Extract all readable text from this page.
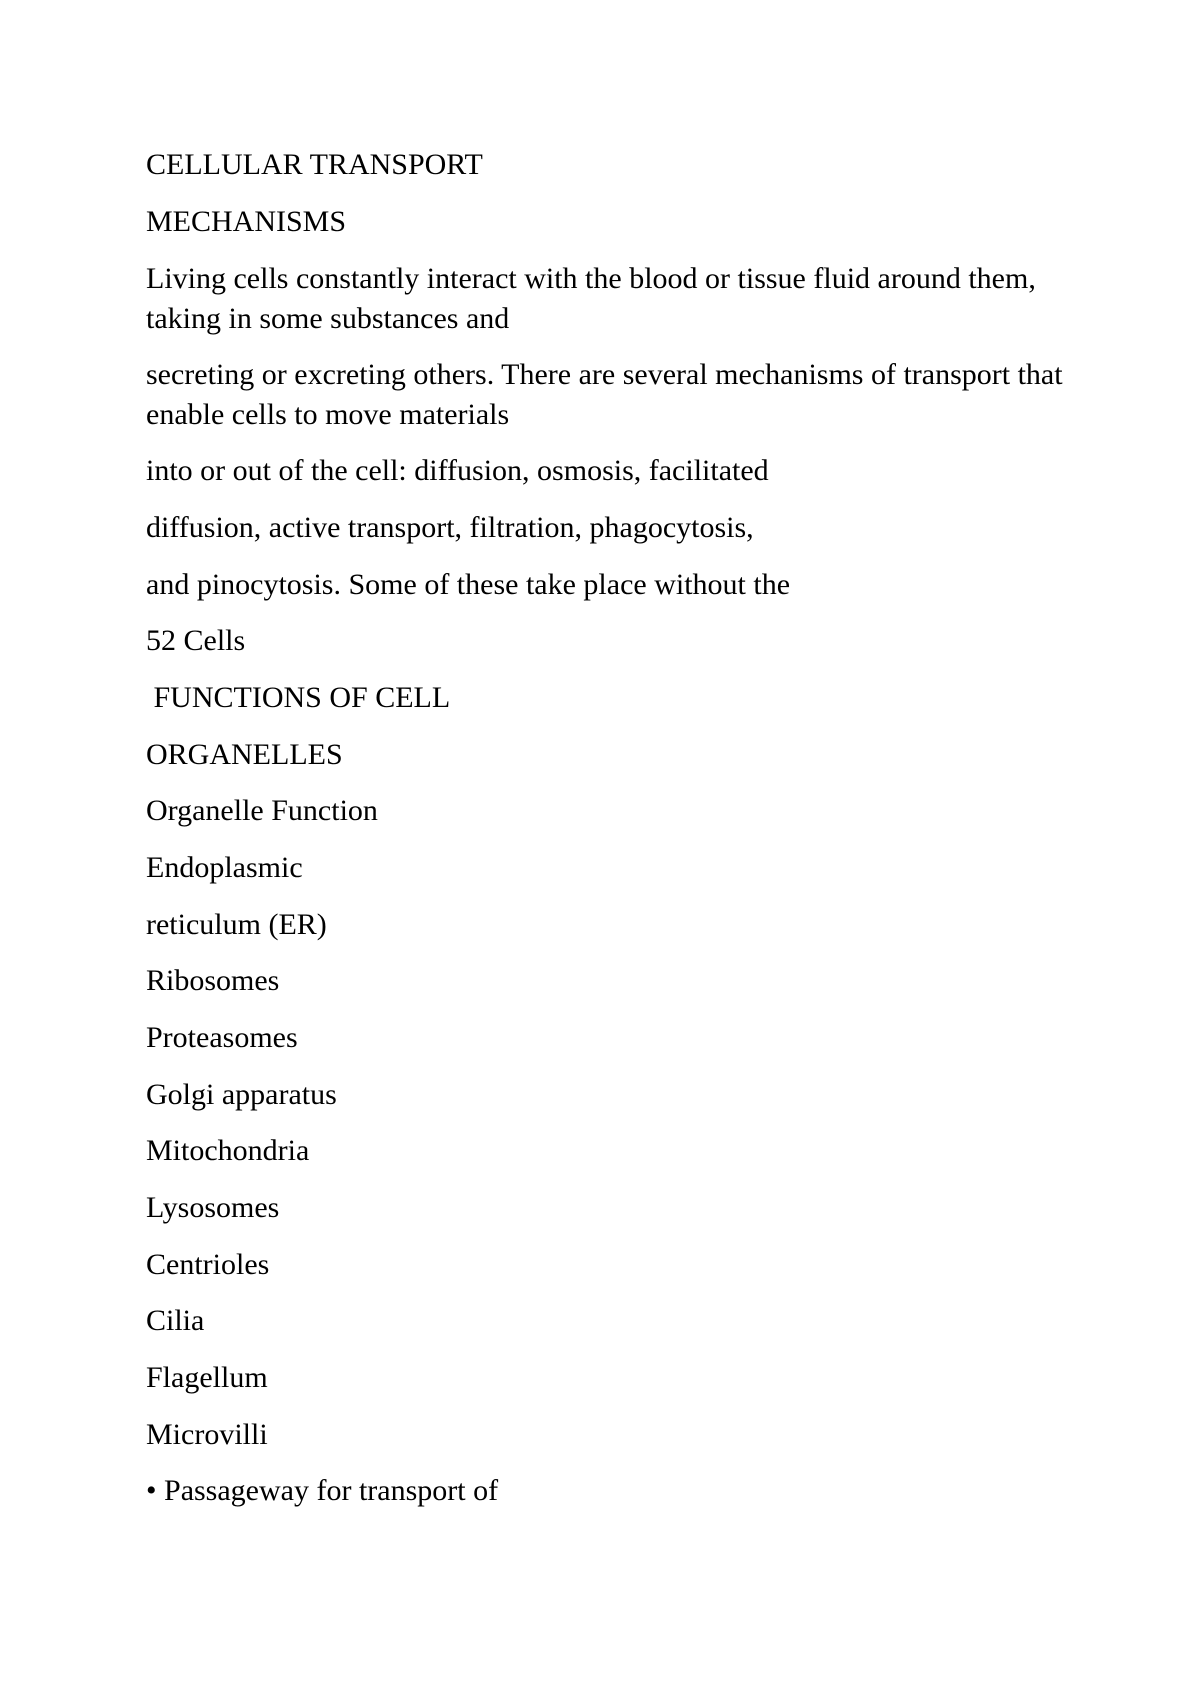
CELLULAR TRANSPORT

MECHANISMS

Living cells constantly interact with the blood or tissue fluid around them, taking in some substances and

secreting or excreting others. There are several mechanisms of transport that enable cells to move materials

into or out of the cell: diffusion, osmosis, facilitated

diffusion, active transport, filtration, phagocytosis,

and pinocytosis. Some of these take place without the

52 Cells

FUNCTIONS OF CELL

ORGANELLES

Organelle Function

Endoplasmic

reticulum (ER)

Ribosomes

Proteasomes

Golgi apparatus

Mitochondria

Lysosomes

Centrioles

Cilia

Flagellum

Microvilli

• Passageway for transport of
